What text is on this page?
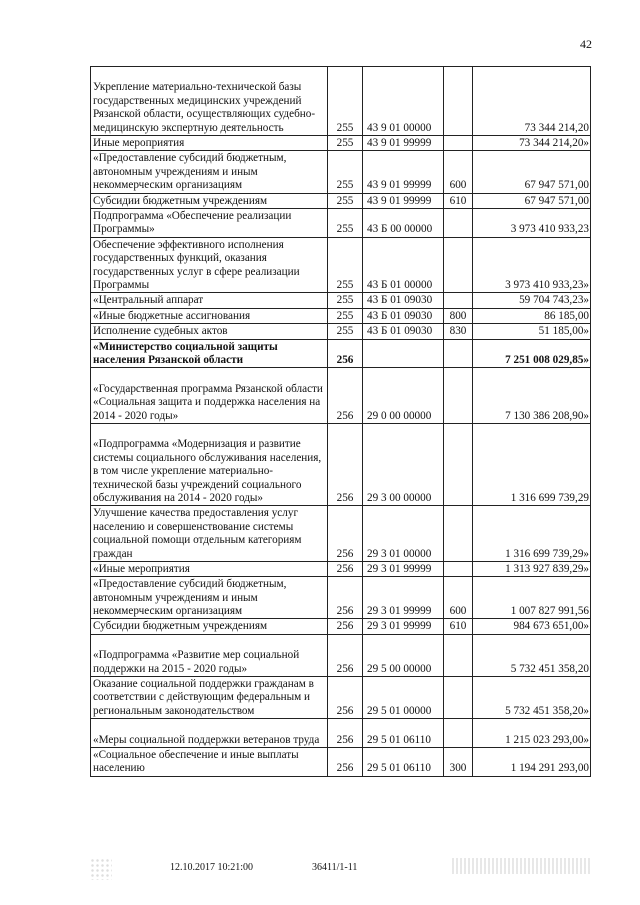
42
Укрепление материально-технической базы государственных медицинских учреждений Рязанской области, осуществляющих судебно-медицинскую экспертную деятельность	255	43 9 01 00000		73 344 214,20
Иные мероприятия	255	43 9 01 99999		73 344 214,20»
«Предоставление субсидий бюджетным, автономным учреждениям и иным некоммерческим организациям	255	43 9 01 99999	600	67 947 571,00
Субсидии бюджетным учреждениям	255	43 9 01 99999	610	67 947 571,00
Подпрограмма «Обеспечение реализации Программы»	255	43 Б 00 00000		3 973 410 933,23
Обеспечение эффективного исполнения государственных функций, оказания государственных услуг в сфере реализации Программы	255	43 Б 01 00000		3 973 410 933,23»
«Центральный аппарат	255	43 Б 01 09030		59 704 743,23»
«Иные бюджетные ассигнования	255	43 Б 01 09030	800	86 185,00
Исполнение судебных актов	255	43 Б 01 09030	830	51 185,00»
«Министерство социальной защиты населения Рязанской области	256			7 251 008 029,85»
«Государственная программа Рязанской области «Социальная защита и поддержка населения на 2014 - 2020 годы»	256	29 0 00 00000		7 130 386 208,90»
«Подпрограмма «Модернизация и развитие системы социального обслуживания населения, в том числе укрепление материально-технической базы учреждений социального обслуживания на 2014 - 2020 годы»	256	29 3 00 00000		1 316 699 739,29
Улучшение качества предоставления услуг населению и совершенствование системы социальной помощи отдельным категориям граждан	256	29 3 01 00000		1 316 699 739,29»
«Иные мероприятия	256	29 3 01 99999		1 313 927 839,29»
«Предоставление субсидий бюджетным, автономным учреждениям и иным некоммерческим организациям	256	29 3 01 99999	600	1 007 827 991,56
Субсидии бюджетным учреждениям	256	29 3 01 99999	610	984 673 651,00»
«Подпрограмма «Развитие мер социальной поддержки на 2015 - 2020 годы»	256	29 5 00 00000		5 732 451 358,20
Оказание социальной поддержки гражданам в соответствии с действующим федеральным и региональным законодательством	256	29 5 01 00000		5 732 451 358,20»
«Меры социальной поддержки ветеранов труда	256	29 5 01 06110		1 215 023 293,00»
«Социальное обеспечение и иные выплаты населению	256	29 5 01 06110	300	1 194 291 293,00
12.10.2017 10:21:00	36411/1-11
